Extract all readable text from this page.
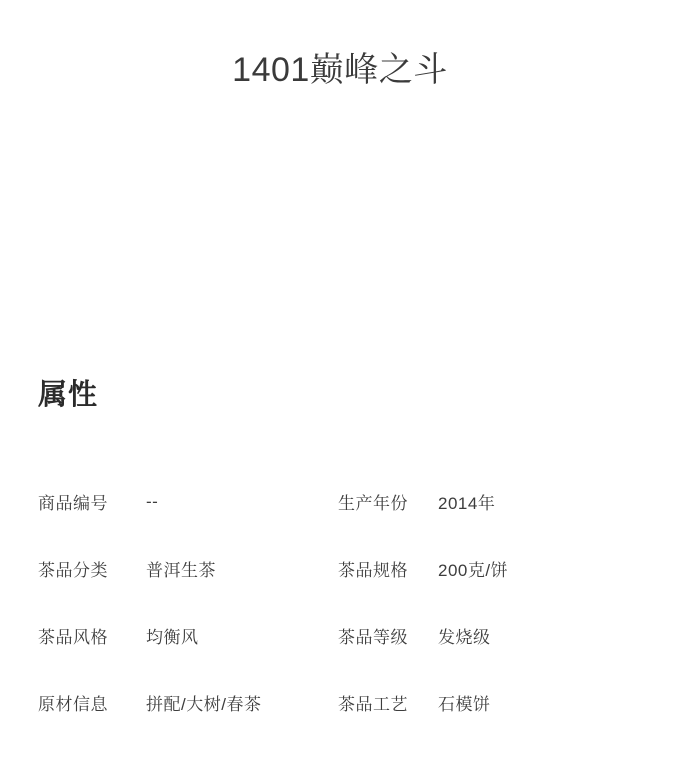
1401巅峰之斗
属性
商品编号	--	生产年份	2014年
茶品分类	普洱生茶	茶品规格	200克/饼
茶品风格	均衡风	茶品等级	发烧级
原材信息	拼配/大树/春茶	茶品工艺	石模饼
